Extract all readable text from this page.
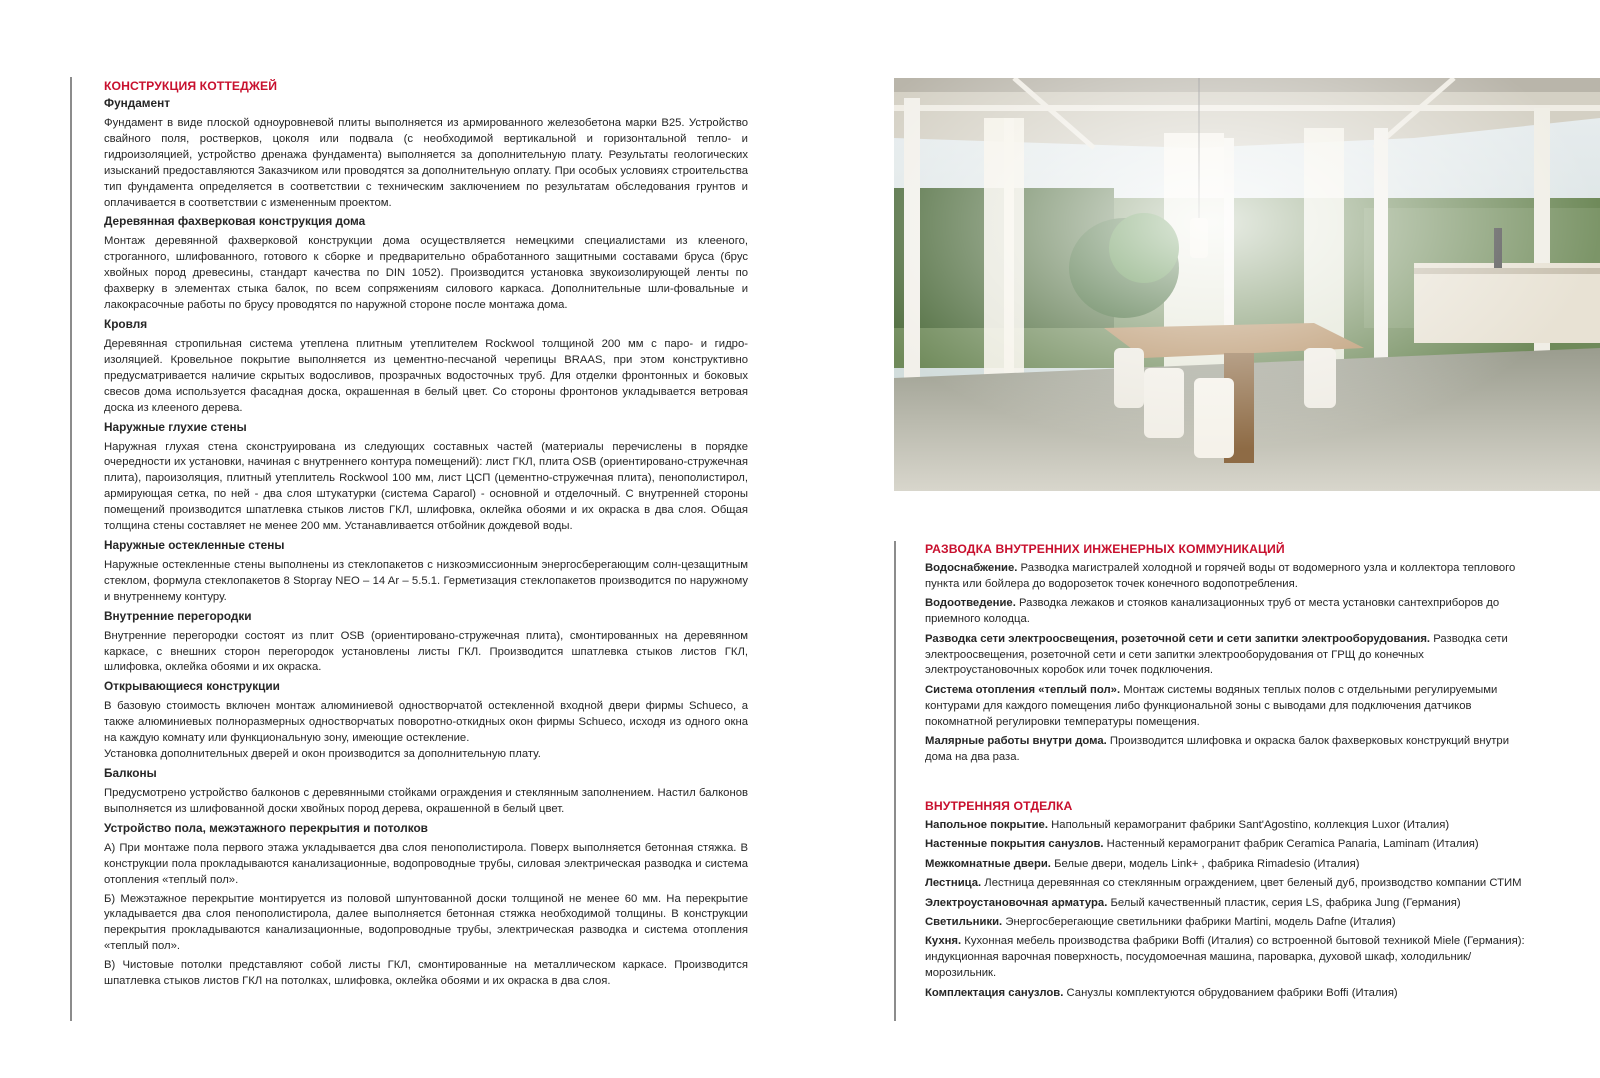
КОНСТРУКЦИЯ КОТТЕДЖЕЙ
Фундамент
Фундамент в виде плоской одноуровневой плиты выполняется из армированного железобетона марки В25. Устройство свайного поля, ростверков, цоколя или подвала (с необходимой вертикальной и горизонтальной тепло- и гидроизоляцией, устройство дренажа фундамента) выполняется за дополнительную плату. Результаты геологических изысканий предоставляются Заказчиком или проводятся за дополнительную оплату. При особых условиях строительства тип фундамента определяется в соответствии с техническим заключением по результатам обследования грунтов и оплачивается в соответствии с измененным проектом.
Деревянная фахверковая конструкция дома
Монтаж деревянной фахверковой конструкции дома осуществляется немецкими специалистами из клееного, строганного, шлифованного, готового к сборке и предварительно обработанного защитными составами бруса (брус хвойных пород древесины, стандарт качества по DIN 1052). Производится установка звукоизолирующей ленты по фахверку в элементах стыка балок, по всем сопряжениям силового каркаса. Дополнительные шли-фовальные и лакокрасочные работы по брусу проводятся по наружной стороне после монтажа дома.
Кровля
Деревянная стропильная система утеплена плитным утеплителем Rockwool толщиной 200 мм с паро- и гидро-изоляцией. Кровельное покрытие выполняется из цементно-песчаной черепицы BRAAS, при этом конструктивно предусматривается наличие скрытых водосливов, прозрачных водосточных труб. Для отделки фронтонных и боковых свесов дома используется фасадная доска, окрашенная в белый цвет. Со стороны фронтонов укладывается ветровая доска из клееного дерева.
Наружные глухие стены
Наружная глухая стена сконструирована из следующих составных частей (материалы перечислены в порядке очередности их установки, начиная с внутреннего контура помещений): лист ГКЛ, плита OSB (ориентировано-стружечная плита), пароизоляция, плитный утеплитель Rockwool 100 мм, лист ЦСП (цементно-стружечная плита), пенополистирол, армирующая сетка, по ней - два слоя штукатурки (система Caparol) - основной и отделочный. С внутренней стороны помещений производится шпатлевка стыков листов ГКЛ, шлифовка, оклейка обоями и их окраска в два слоя. Общая толщина стены составляет не менее 200 мм. Устанавливается отбойник дождевой воды.
Наружные остекленные стены
Наружные остекленные стены выполнены из стеклопакетов с низкоэмиссионным энергосберегающим солн-цезащитным стеклом, формула стеклопакетов 8 Stopray NEO – 14 Ar – 5.5.1. Герметизация стеклопакетов производится по наружному и внутреннему контуру.
Внутренние перегородки
Внутренние перегородки состоят из плит OSB (ориентировано-стружечная плита), смонтированных на деревянном каркасе, с внешних сторон перегородок установлены листы ГКЛ. Производится шпатлевка стыков листов ГКЛ, шлифовка, оклейка обоями и их окраска.
Открывающиеся конструкции
В базовую стоимость включен монтаж алюминиевой одностворчатой остекленной входной двери фирмы Schueco, а также алюминиевых полноразмерных одностворчатых поворотно-откидных окон фирмы Schueco, исходя из одного окна на каждую комнату или функциональную зону, имеющие остекление.
Установка дополнительных дверей и окон производится за дополнительную плату.
Балконы
Предусмотрено устройство балконов с деревянными стойками ограждения и стеклянным заполнением. Настил балконов выполняется из шлифованной доски хвойных пород дерева, окрашенной в белый цвет.
Устройство пола, межэтажного перекрытия и потолков
А) При монтаже пола первого этажа укладывается два слоя пенополистирола. Поверх выполняется бетонная стяжка. В конструкции пола прокладываются канализационные, водопроводные трубы, силовая электрическая разводка и система отопления «теплый пол».
Б) Межэтажное перекрытие монтируется из половой шпунтованной доски толщиной не менее 60 мм. На перекрытие укладывается два слоя пенополистирола, далее выполняется бетонная стяжка необходимой толщины. В конструкции перекрытия прокладываются канализационные, водопроводные трубы, электрическая разводка и система отопления «теплый пол».
В) Чистовые потолки представляют собой листы ГКЛ, смонтированные на металлическом каркасе. Производится шпатлевка стыков листов ГКЛ на потолках, шлифовка, оклейка обоями и их окраска в два слоя.
РАЗВОДКА ВНУТРЕННИХ ИНЖЕНЕРНЫХ КОММУНИКАЦИЙ
Водоснабжение. Разводка магистралей холодной и горячей воды от водомерного узла и коллектора теплового пункта или бойлера до водорозеток точек конечного водопотребления.
Водоотведение. Разводка лежаков и стояков канализационных труб от места установки сантехприборов до приемного колодца.
Разводка сети электроосвещения, розеточной сети и сети запитки электрооборудования. Разводка сети электроосвещения, розеточной сети и сети запитки электрооборудования от ГРЩ до конечных электроустановочных коробок или точек подключения.
Система отопления «теплый пол». Монтаж системы водяных теплых полов с отдельными регулируемыми контурами для каждого помещения либо функциональной зоны с выводами для подключения датчиков покомнатной регулировки температуры помещения.
Малярные работы внутри дома. Производится шлифовка и окраска балок фахверковых конструкций внутри дома на два раза.
ВНУТРЕННЯЯ ОТДЕЛКА
Напольное покрытие. Напольный керамогранит фабрики Sant'Agostino, коллекция Luxor (Италия)
Настенные покрытия санузлов. Настенный керамогранит фабрик Ceramica Panaria, Laminam (Италия)
Межкомнатные двери. Белые двери, модель Link+ , фабрика Rimadesio (Италия)
Лестница. Лестница деревянная со стеклянным ограждением, цвет беленый дуб, производство компании СТИМ
Электроустановочная арматура. Белый качественный пластик, серия LS, фабрика Jung (Германия)
Светильники. Энергосберегающие светильники фабрики Martini, модель Dafne (Италия)
Кухня. Кухонная мебель производства фабрики Boffi (Италия) со встроенной бытовой техникой Miele (Германия): индукционная варочная поверхность, посудомоечная машина, пароварка, духовой шкаф, холодильник/морозильник.
Комплектация санузлов. Санузлы комплектуются обрудованием фабрики Boffi (Италия)
